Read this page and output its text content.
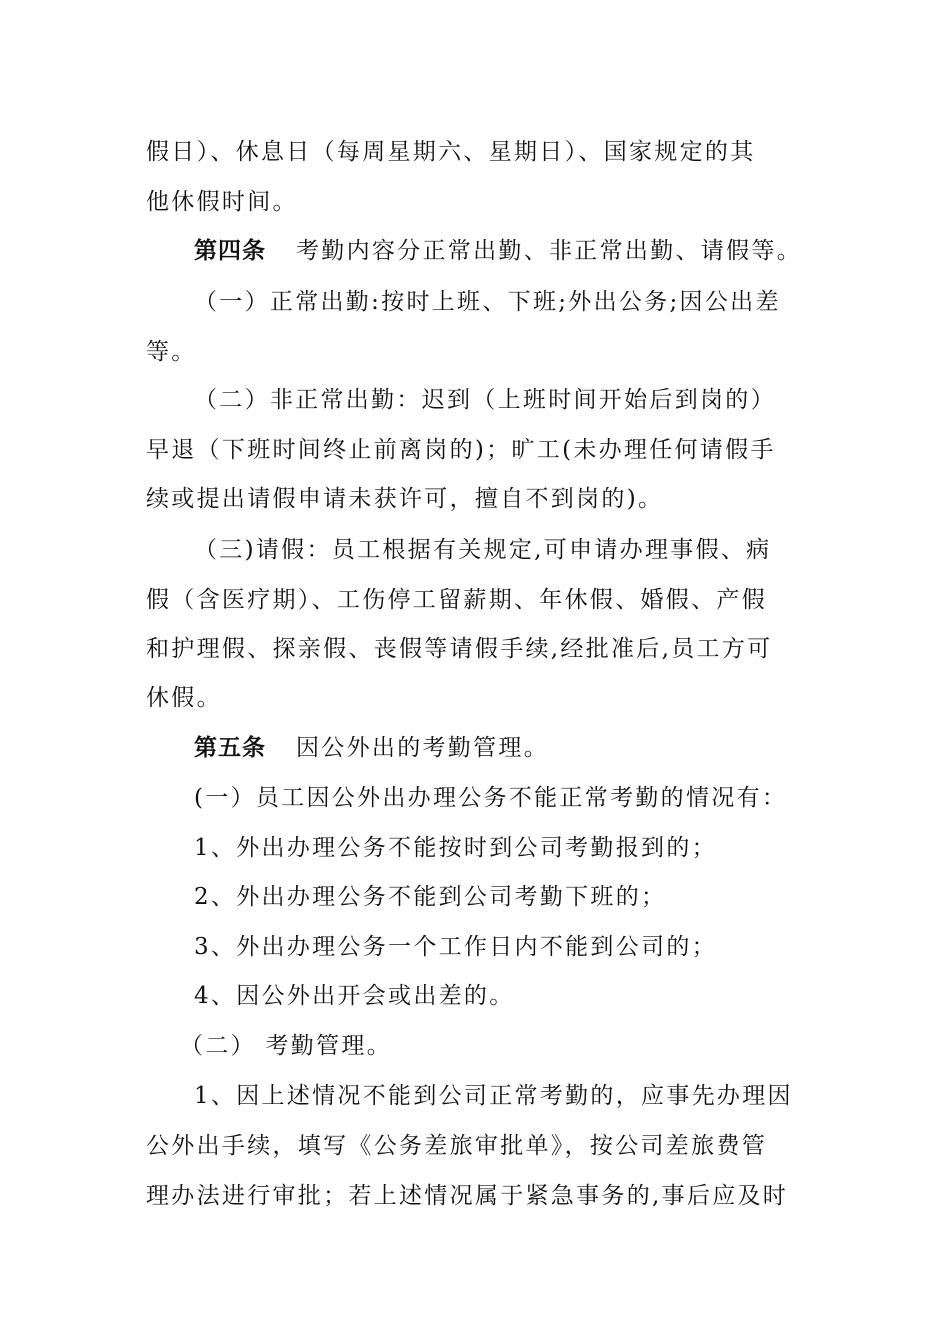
假日）、休息日（每周星期六、星期日）、国家规定的其
他休假时间。
第四条 考勤内容分正常出勤、非正常出勤、请假等。
（一）正常出勤:按时上班、下班;外出公务;因公出差
等。
（二）非正常出勤：迟到（上班时间开始后到岗的）
早退（下班时间终止前离岗的)；旷工(未办理任何请假手
续或提出请假申请未获许可，擅自不到岗的)。
（三)请假：员工根据有关规定,可申请办理事假、病
假（含医疗期）、工伤停工留薪期、年休假、婚假、产假
和护理假、探亲假、丧假等请假手续,经批准后,员工方可
休假。
第五条 因公外出的考勤管理。
(一）员工因公外出办理公务不能正常考勤的情况有：
1、外出办理公务不能按时到公司考勤报到的；
2、外出办理公务不能到公司考勤下班的；
3、外出办理公务一个工作日内不能到公司的；
4、因公外出开会或出差的。
（二） 考勤管理。
1、因上述情况不能到公司正常考勤的，应事先办理因
公外出手续，填写《公务差旅审批单》，按公司差旅费管
理办法进行审批；若上述情况属于紧急事务的,事后应及时
